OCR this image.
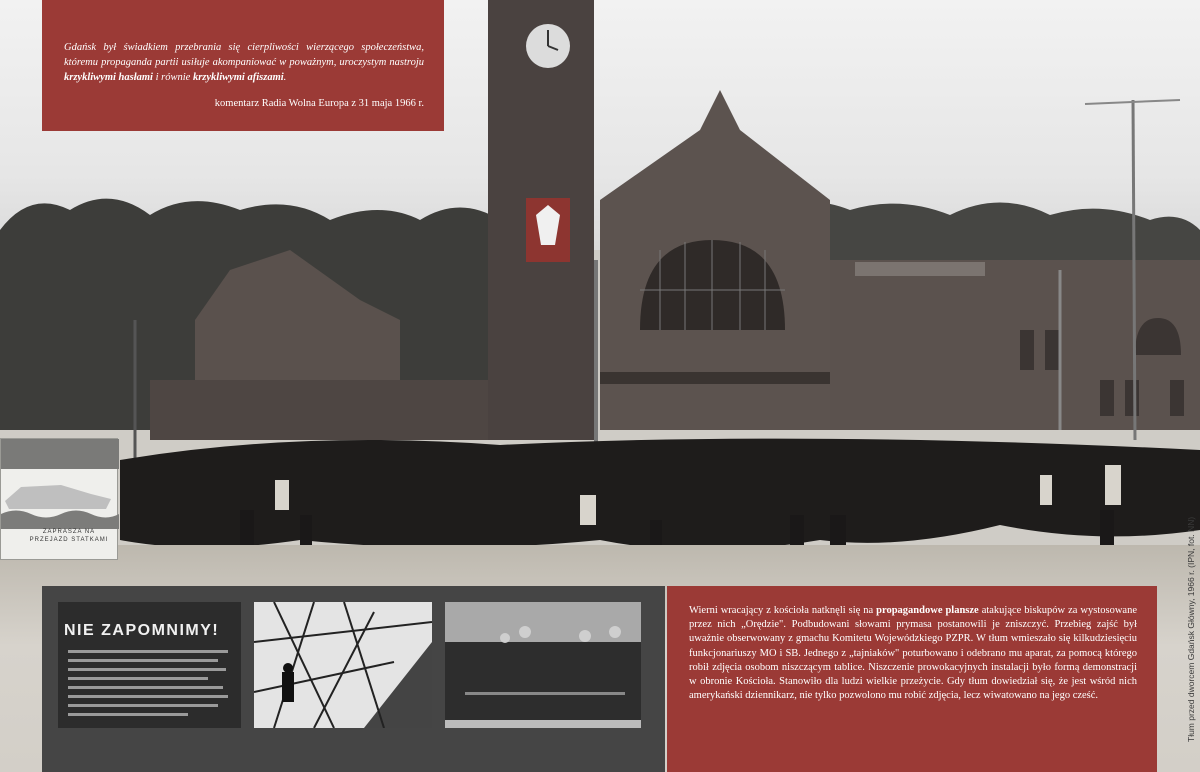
Gdańsk był świadkiem przebrania się cierpliwości wierzącego społeczeństwa, któremu propaganda partii usiłuje akompaniować w poważnym, uroczystym nastroju krzykliwymi hasłami i równie krzykliwymi afiszami.

komentarz Radia Wolna Europa z 31 maja 1966 r.
ZAPRASZA NA PRZEJAZD STATKAMI
NIE ZAPOMNIMY!

Wierni wracający z kościoła natknęli się na propagandowe plansze atakujące biskupów za wystosowane przez nich „Orędzie". Podbudowani słowami prymasa postanowili je zniszczyć. Przebieg zajść był uważnie obserwowany z gmachu Komitetu Wojewódzkiego PZPR. W tłum wmieszało się kilkudziesięciu funkcjonariuszy MO i SB. Jednego z „tajniaków" poturbowano i odebrano mu aparat, za pomocą którego robił zdjęcia osobom niszczącym tablice. Niszczenie prowokacyjnych instalacji było formą demonstracji w obronie Kościoła. Stanowiło dla ludzi wielkie przeżycie. Gdy tłum dowiedział się, że jest wśród nich amerykański dziennikarz, nie tylko pozwolono mu robić zdjęcia, lecz wiwatowano na jego cześć.	Tłum przed dworcem Gdańsk Główny, 1966 r. (IPN, fot. NN)
